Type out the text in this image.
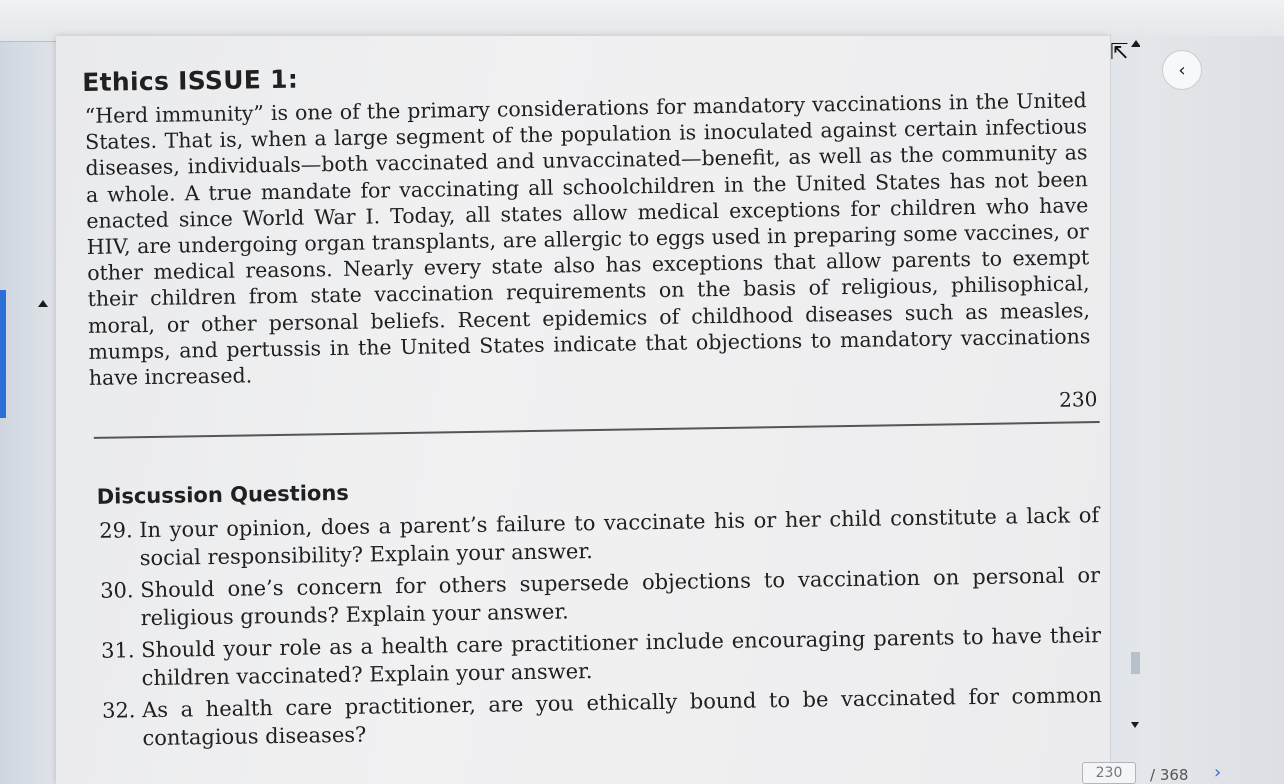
Ethics ISSUE 1:

“Herd immunity” is one of the primary considerations for mandatory vaccinations in the United States. That is, when a large segment of the population is inoculated against certain infectious diseases, individuals—both vaccinated and unvaccinated—benefit, as well as the community as a whole. A true mandate for vaccinating all schoolchildren in the United States has not been enacted since World War I. Today, all states allow medical exceptions for children who have HIV, are undergoing organ transplants, are allergic to eggs used in preparing some vaccines, or other medical reasons. Nearly every state also has exceptions that allow parents to exempt their children from state vaccination requirements on the basis of religious, philisophical, moral, or other personal beliefs. Recent epidemics of childhood diseases such as measles, mumps, and pertussis in the United States indicate that objections to mandatory vaccinations have increased.

230
Discussion Questions
29. In your opinion, does a parent’s failure to vaccinate his or her child constitute a lack of social responsibility? Explain your answer.
30. Should one’s concern for others supersede objections to vaccination on personal or religious grounds? Explain your answer.
31. Should your role as a health care practitioner include encouraging parents to have their children vaccinated? Explain your answer.
32. As a health care practitioner, are you ethically bound to be vaccinated for common contagious diseases?
⇱
‹
230	/ 368 ›
